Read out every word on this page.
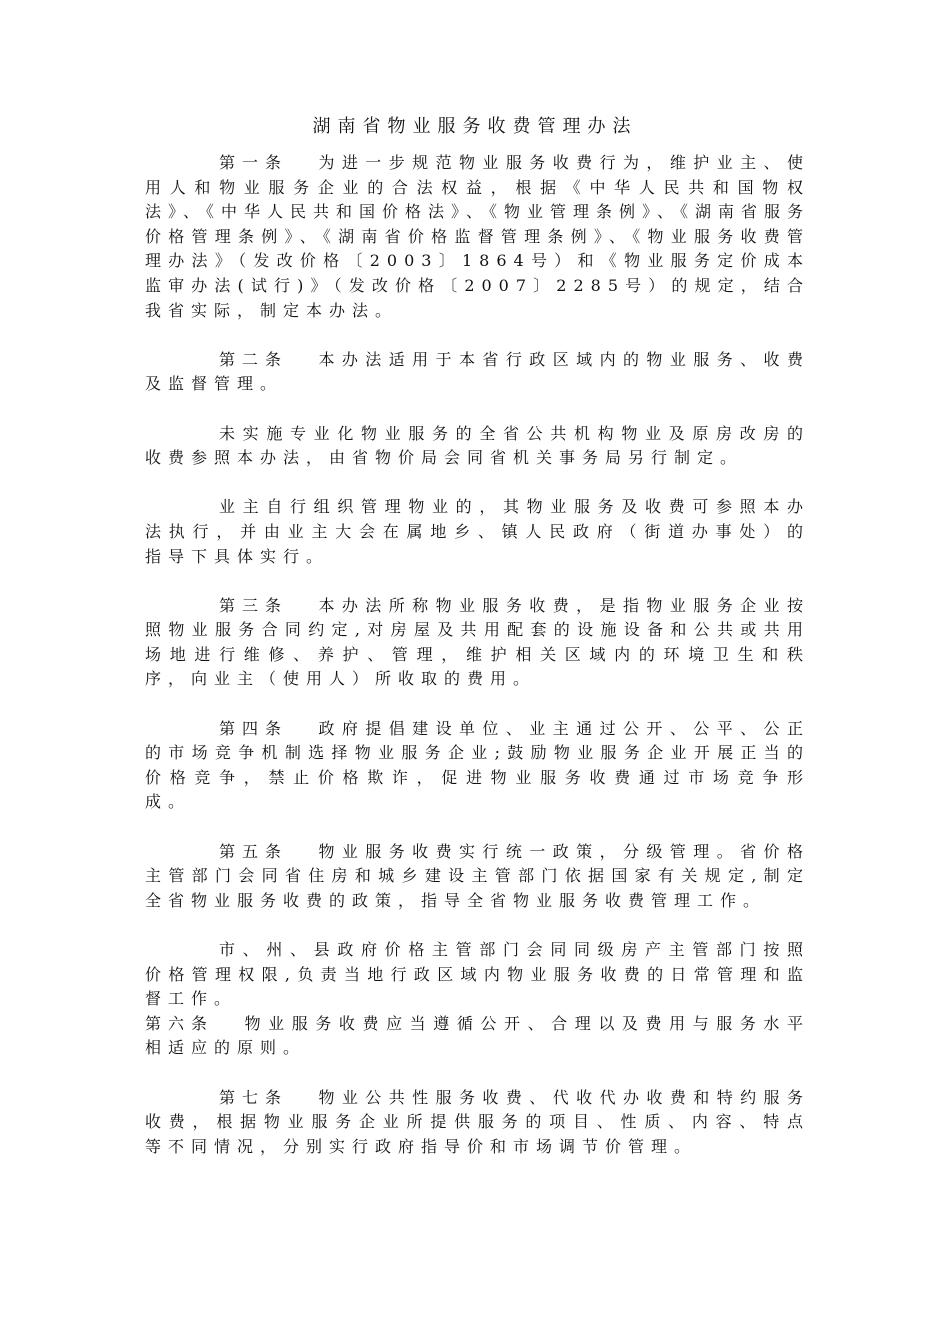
湖南省物业服务收费管理办法

第一条 为进一步规范物业服务收费行为，维护业主、使用人和物业服务企业的合法权益，根据《中华人民共和国物权法》、《中华人民共和国价格法》、《物业管理条例》、《湖南省服务价格管理条例》、《湖南省价格监督管理条例》、《物业服务收费管理办法》（发改价格〔2003〕1864号）和《物业服务定价成本监审办法(试行)》（发改价格〔2007〕2285号）的规定，结合我省实际，制定本办法。

第二条 本办法适用于本省行政区域内的物业服务、收费及监督管理。

未实施专业化物业服务的全省公共机构物业及原房改房的收费参照本办法，由省物价局会同省机关事务局另行制定。

业主自行组织管理物业的，其物业服务及收费可参照本办法执行，并由业主大会在属地乡、镇人民政府（街道办事处）的指导下具体实行。

第三条 本办法所称物业服务收费，是指物业服务企业按照物业服务合同约定,对房屋及共用配套的设施设备和公共或共用场地进行维修、养护、管理，维护相关区域内的环境卫生和秩序，向业主（使用人）所收取的费用。

第四条 政府提倡建设单位、业主通过公开、公平、公正的市场竞争机制选择物业服务企业;鼓励物业服务企业开展正当的价格竞争，禁止价格欺诈，促进物业服务收费通过市场竞争形成。

第五条 物业服务收费实行统一政策，分级管理。省价格主管部门会同省住房和城乡建设主管部门依据国家有关规定,制定全省物业服务收费的政策，指导全省物业服务收费管理工作。

市、州、县政府价格主管部门会同同级房产主管部门按照价格管理权限,负责当地行政区域内物业服务收费的日常管理和监督工作。

第六条 物业服务收费应当遵循公开、合理以及费用与服务水平相适应的原则。

第七条 物业公共性服务收费、代收代办收费和特约服务收费，根据物业服务企业所提供服务的项目、性质、内容、特点等不同情况，分别实行政府指导价和市场调节价管理。
